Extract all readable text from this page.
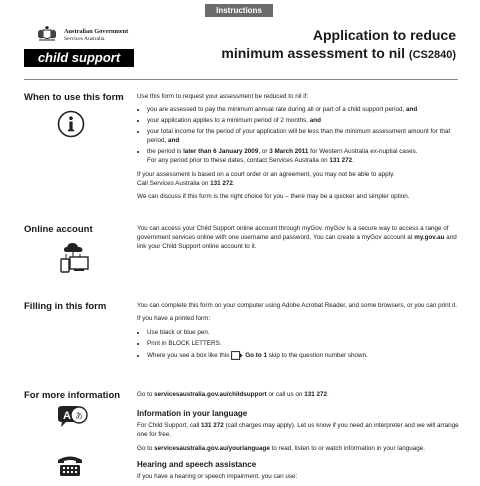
Instructions
Australian Government
Services Australia
child support
Application to reduce
minimum assessment to nil (CS2840)
When to use this form Use this form to request your assessment be reduced to nil if:

• you are assessed to pay the minimum annual rate during all or part of a child support period, and
• your application applies to a minimum period of 2 months, and
• your total income for the period of your application will be less than the minimum assessment amount for that period, and
• the period is later than 6 January 2009, or 3 March 2011 for Western Australia ex-nuptial cases.
For any period prior to these dates, contact Services Australia on 131 272.

If your assessment is based on a court order or an agreement, you may not be able to apply.
Call Services Australia on 131 272.

We can discuss if this form is the right choice for you – there may be a quicker and simpler option.

Online account	You can access your Child Support online account through myGov. myGov is a secure way to access a range of government services online with one username and password. You can create a myGov account at my.gov.au and link your Child Support online account to it.

Filling in this form	You can complete this form on your computer using Adobe Acrobat Reader, and some browsers, or you can print it.

If you have a printed form:

• Use black or blue pen.
• Print in BLOCK LETTERS.
• Where you see a box like this	Go to 1 skip to the question number shown.
For more information
A あ

Go to servicesaustralia.gov.au/childsupport or call us on 131 272.

Information in your language

For Child Support, call 131 272 (call charges may apply). Let us know if you need an interpreter and we will arrange one for free.

Go to servicesaustralia.gov.au/yourlanguage to read, listen to or watch information in your language.

Hearing and speech assistance

If you have a hearing or speech impairment, you can use:
